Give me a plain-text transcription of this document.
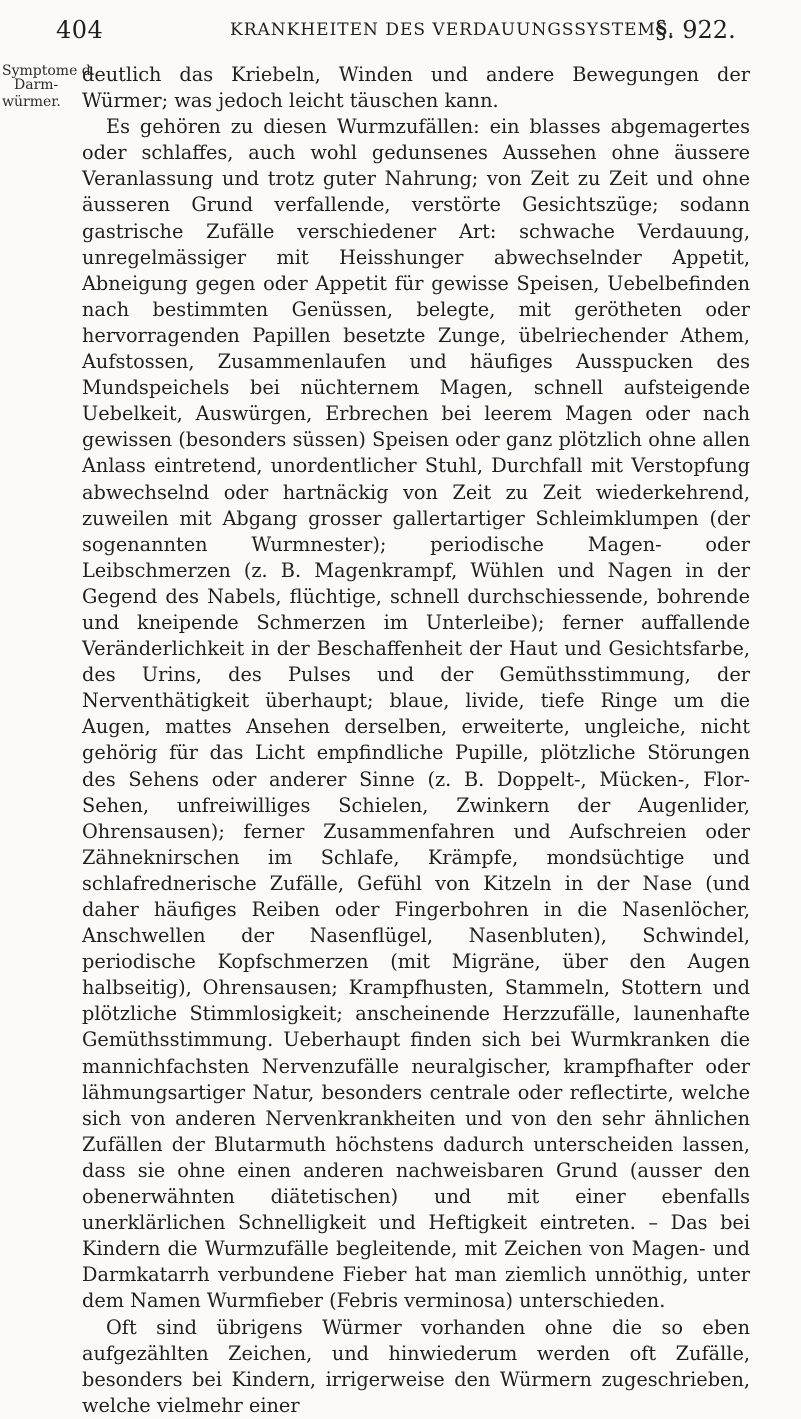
404	KRANKHEITEN DES VERDAUUNGSSYSTEMS.
§. 922.
Symptome d.
Darm-
würmer.

deutlich das Kriebeln, Winden und andere Bewegungen der Würmer; was jedoch leicht täuschen kann.

Es gehören zu diesen Wurmzufällen: ein blasses abgemagertes oder schlaffes, auch wohl gedunsenes Aussehen ohne äussere Veranlassung und trotz guter Nahrung; von Zeit zu Zeit und ohne äusseren Grund verfallende, verstörte Gesichtszüge; sodann gastrische Zufälle verschiedener Art: schwache Verdauung, unregelmässiger mit Heisshunger abwechselnder Appetit, Abneigung gegen oder Appetit für gewisse Speisen, Uebelbefinden nach bestimmten Genüssen, belegte, mit gerötheten oder hervorragenden Papillen besetzte Zunge, übelriechender Athem, Aufstossen, Zusammenlaufen und häufiges Ausspucken des Mundspeichels bei nüchternem Magen, schnell aufsteigende Uebelkeit, Auswürgen, Erbrechen bei leerem Magen oder nach gewissen (besonders süssen) Speisen oder ganz plötzlich ohne allen Anlass eintretend, unordentlicher Stuhl, Durchfall mit Verstopfung abwechselnd oder hartnäckig von Zeit zu Zeit wiederkehrend, zuweilen mit Abgang grosser gallertartiger Schleimklumpen (der sogenannten Wurmnester); periodische Magen- oder Leibschmerzen (z. B. Magenkrampf, Wühlen und Nagen in der Gegend des Nabels, flüchtige, schnell durchschiessende, bohrende und kneipende Schmerzen im Unterleibe); ferner auffallende Veränderlichkeit in der Beschaffenheit der Haut und Gesichtsfarbe, des Urins, des Pulses und der Gemüthsstimmung, der Nerventhätigkeit überhaupt; blaue, livide, tiefe Ringe um die Augen, mattes Ansehen derselben, erweiterte, ungleiche, nicht gehörig für das Licht empfindliche Pupille, plötzliche Störungen des Sehens oder anderer Sinne (z. B. Doppelt-, Mücken-, Flor-Sehen, unfreiwilliges Schielen, Zwinkern der Augenlider, Ohrensausen); ferner Zusammenfahren und Aufschreien oder Zähneknirschen im Schlafe, Krämpfe, mondsüchtige und schlafrednerische Zufälle, Gefühl von Kitzeln in der Nase (und daher häufiges Reiben oder Fingerbohren in die Nasenlöcher, Anschwellen der Nasenflügel, Nasenbluten), Schwindel, periodische Kopfschmerzen (mit Migräne, über den Augen halbseitig), Ohrensausen; Krampfhusten, Stammeln, Stottern und plötzliche Stimmlosigkeit; anscheinende Herzzufälle, launenhafte Gemüthsstimmung. Ueberhaupt finden sich bei Wurmkranken die mannichfachsten Nervenzufälle neuralgischer, krampfhafter oder lähmungsartiger Natur, besonders centrale oder reflectirte, welche sich von anderen Nervenkrankheiten und von den sehr ähnlichen Zufällen der Blutarmuth höchstens dadurch unterscheiden lassen, dass sie ohne einen anderen nachweisbaren Grund (ausser den obenerwähnten diätetischen) und mit einer ebenfalls unerklärlichen Schnelligkeit und Heftigkeit eintreten. – Das bei Kindern die Wurmzufälle begleitende, mit Zeichen von Magen- und Darmkatarrh verbundene Fieber hat man ziemlich unnöthig, unter dem Namen Wurmfieber (Febris verminosa) unterschieden.

Oft sind übrigens Würmer vorhanden ohne die so eben aufgezählten Zeichen, und hinwiederum werden oft Zufälle, besonders bei Kindern, irrigerweise den Würmern zugeschrieben, welche vielmehr einer
